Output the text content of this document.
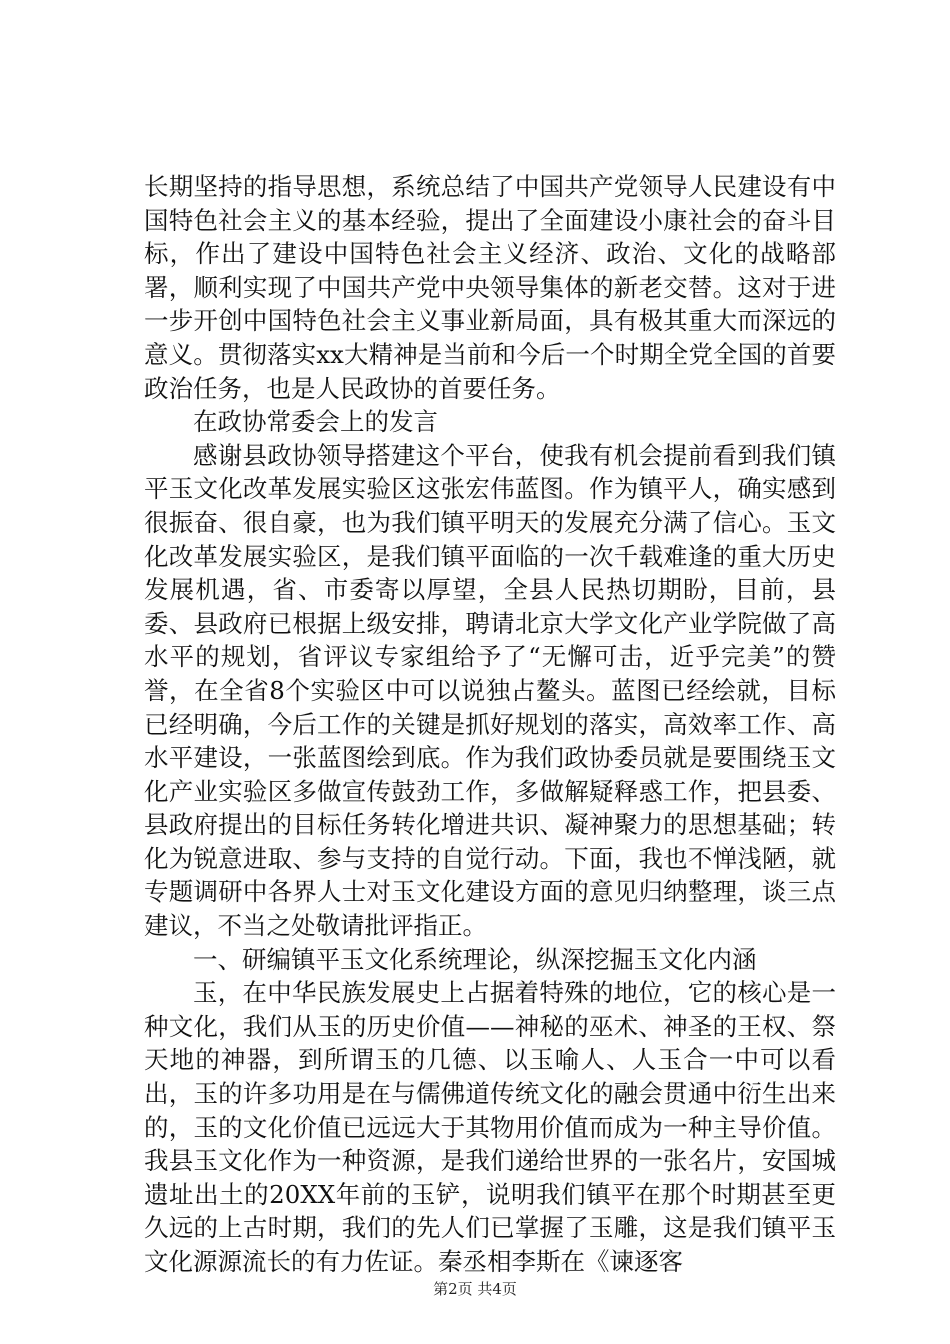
长期坚持的指导思想，系统总结了中国共产党领导人民建设有中国特色社会主义的基本经验，提出了全面建设小康社会的奋斗目标，作出了建设中国特色社会主义经济、政治、文化的战略部署，顺利实现了中国共产党中央领导集体的新老交替。这对于进一步开创中国特色社会主义事业新局面，具有极其重大而深远的意义。贯彻落实xx大精神是当前和今后一个时期全党全国的首要政治任务，也是人民政协的首要任务。

在政协常委会上的发言

感谢县政协领导搭建这个平台，使我有机会提前看到我们镇平玉文化改革发展实验区这张宏伟蓝图。作为镇平人，确实感到很振奋、很自豪，也为我们镇平明天的发展充分满了信心。玉文化改革发展实验区，是我们镇平面临的一次千载难逢的重大历史发展机遇，省、市委寄以厚望，全县人民热切期盼，目前，县委、县政府已根据上级安排，聘请北京大学文化产业学院做了高水平的规划，省评议专家组给予了“无懈可击，近乎完美”的赞誉，在全省8个实验区中可以说独占鳌头。蓝图已经绘就，目标已经明确，今后工作的关键是抓好规划的落实，高效率工作、高水平建设，一张蓝图绘到底。作为我们政协委员就是要围绕玉文化产业实验区多做宣传鼓劲工作，多做解疑释惑工作，把县委、县政府提出的目标任务转化增进共识、凝神聚力的思想基础；转化为锐意进取、参与支持的自觉行动。下面，我也不惮浅陋，就专题调研中各界人士对玉文化建设方面的意见归纳整理，谈三点建议，不当之处敬请批评指正。

一、研编镇平玉文化系统理论，纵深挖掘玉文化内涵

玉，在中华民族发展史上占据着特殊的地位，它的核心是一种文化，我们从玉的历史价值——神秘的巫术、神圣的王权、祭天地的神器，到所谓玉的几德、以玉喻人、人玉合一中可以看出，玉的许多功用是在与儒佛道传统文化的融会贯通中衍生出来的，玉的文化价值已远远大于其物用价值而成为一种主导价值。我县玉文化作为一种资源，是我们递给世界的一张名片，安国城遗址出土的20XX年前的玉铲，说明我们镇平在那个时期甚至更久远的上古时期，我们的先人们已掌握了玉雕，这是我们镇平玉文化源源流长的有力佐证。秦丞相李斯在《谏逐客

第2页 共4页
